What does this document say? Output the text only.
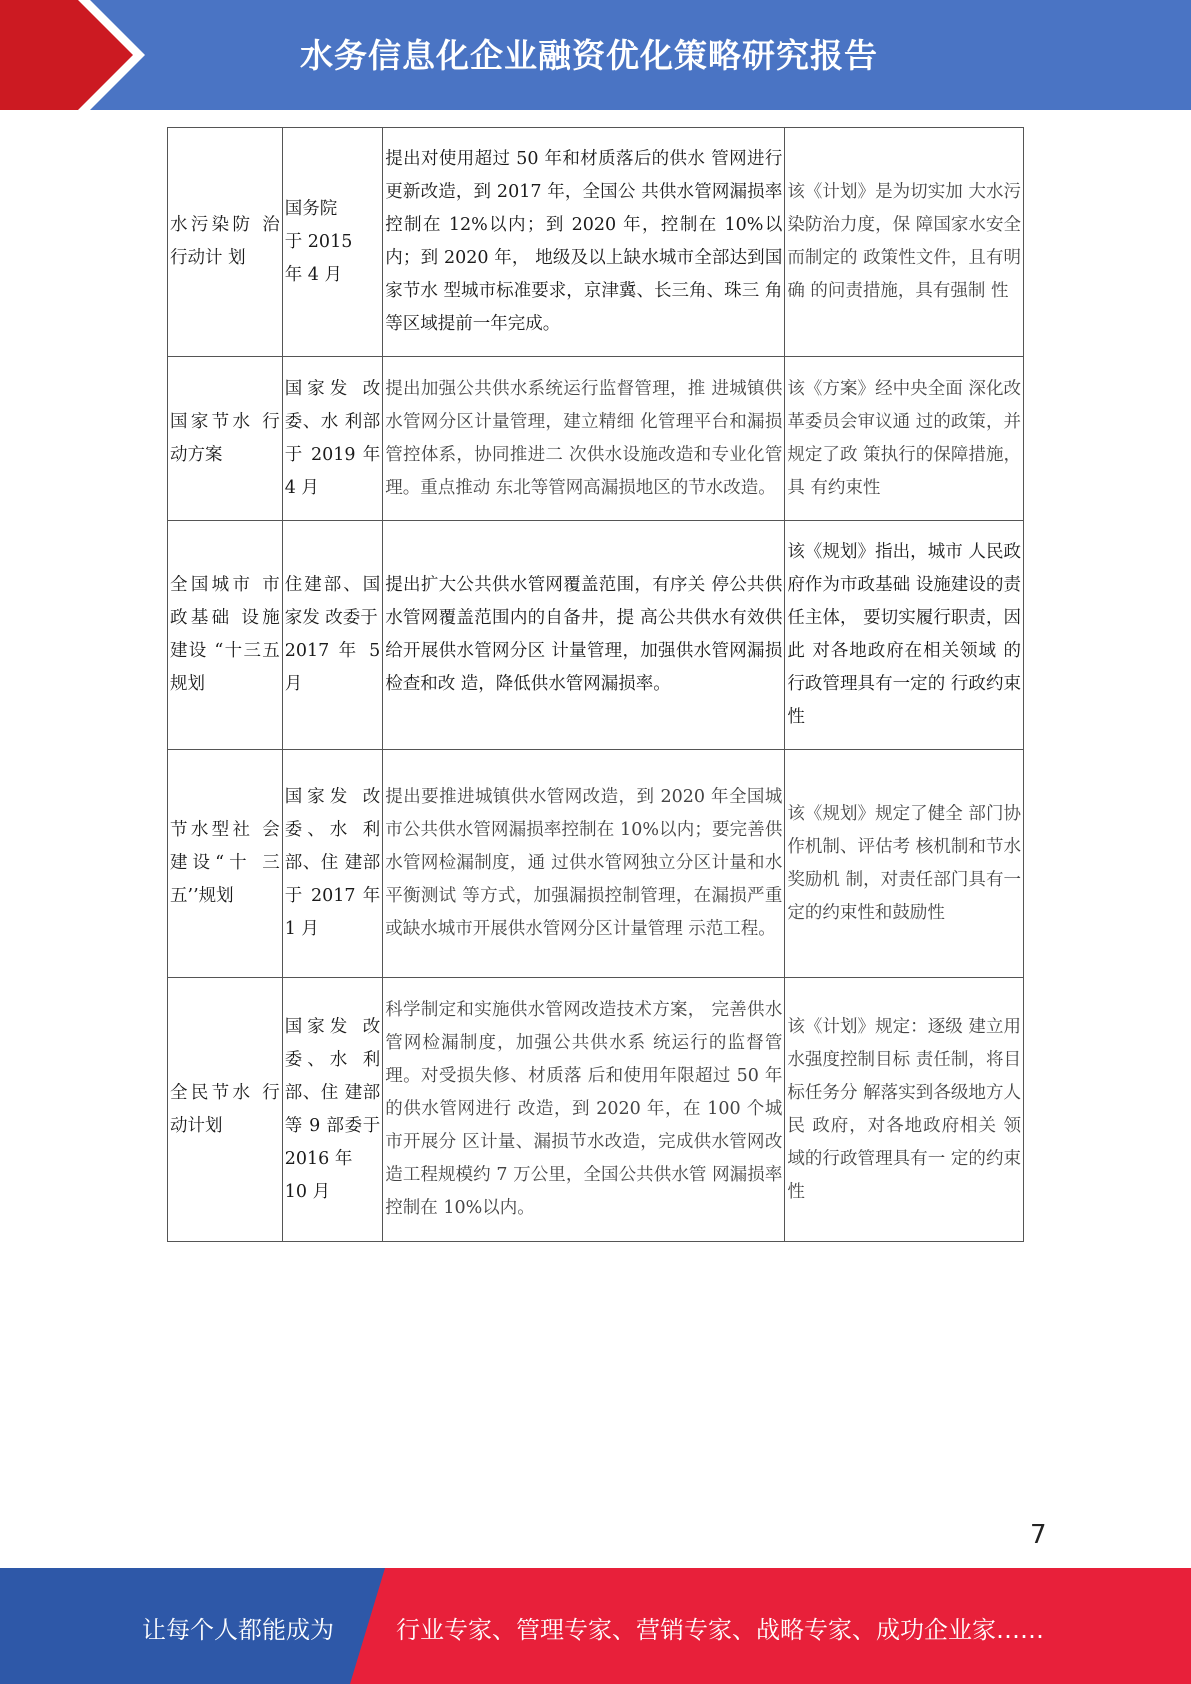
水务信息化企业融资优化策略研究报告
水污染防 治行动计 划	国务院
于 2015
年 4 月	提出对使用超过 50 年和材质落后的供水 管网进行更新改造，到 2017 年，全国公 共供水管网漏损率控制在 12%以内；到 2020 年，控制在 10%以内；到 2020 年， 地级及以上缺水城市全部达到国家节水 型城市标准要求，京津冀、长三角、珠三 角等区域提前一年完成。	该《计划》是为切实加 大水污染防治力度，保 障国家水安全而制定的 政策性文件，且有明确 的问责措施，具有强制 性
国家节水 行动方案	国家发 改委、水 利部于 2019 年 4 月	提出加强公共供水系统运行监督管理，推 进城镇供水管网分区计量管理，建立精细 化管理平台和漏损管控体系，协同推进二 次供水设施改造和专业化管理。重点推动 东北等管网高漏损地区的节水改造。	该《方案》经中央全面 深化改革委员会审议通 过的政策，并规定了政 策执行的保障措施，具 有约束性
全国城市 市政基础 设施建设 “十三五 规划	住建部、国家发 改委于
2017 年 5 月	提出扩大公共供水管网覆盖范围，有序关 停公共供水管网覆盖范围内的自备井，提 高公共供水有效供给开展供水管网分区 计量管理，加强供水管网漏损检查和改 造，降低供水管网漏损率。	该《规划》指出，城市 人民政府作为市政基础 设施建设的责任主体， 要切实履行职责，因此 对各地政府在相关领域 的行政管理具有一定的 行政约束性
节水型社 会建设“十 三五’’规划	国家发 改委、水 利部、住 建部于 2017 年 1 月	提出要推进城镇供水管网改造，到 2020 年全国城市公共供水管网漏损率控制在 10%以内；要完善供水管网检漏制度，通 过供水管网独立分区计量和水平衡测试 等方式，加强漏损控制管理，在漏损严重 或缺水城市开展供水管网分区计量管理 示范工程。	该《规划》规定了健全 部门协作机制、评估考 核机制和节水奖励机 制，对责任部门具有一 定的约束性和鼓励性
全民节水 行动计划	国家发 改委、水 利部、住 建部等 9 部委于 2016 年
10 月	科学制定和实施供水管网改造技术方案， 完善供水管网检漏制度，加强公共供水系 统运行的监督管理。对受损失修、材质落 后和使用年限超过 50 年的供水管网进行 改造，到 2020 年，在 100 个城市开展分 区计量、漏损节水改造，完成供水管网改 造工程规模约 7 万公里，全国公共供水管 网漏损率控制在 10%以内。	该《计划》规定：逐级 建立用水强度控制目标 责任制，将目标任务分 解落实到各级地方人民 政府，对各地政府相关 领域的行政管理具有一 定的约束性
7
让每个人都能成为	行业专家、管理专家、营销专家、战略专家、成功企业家……
